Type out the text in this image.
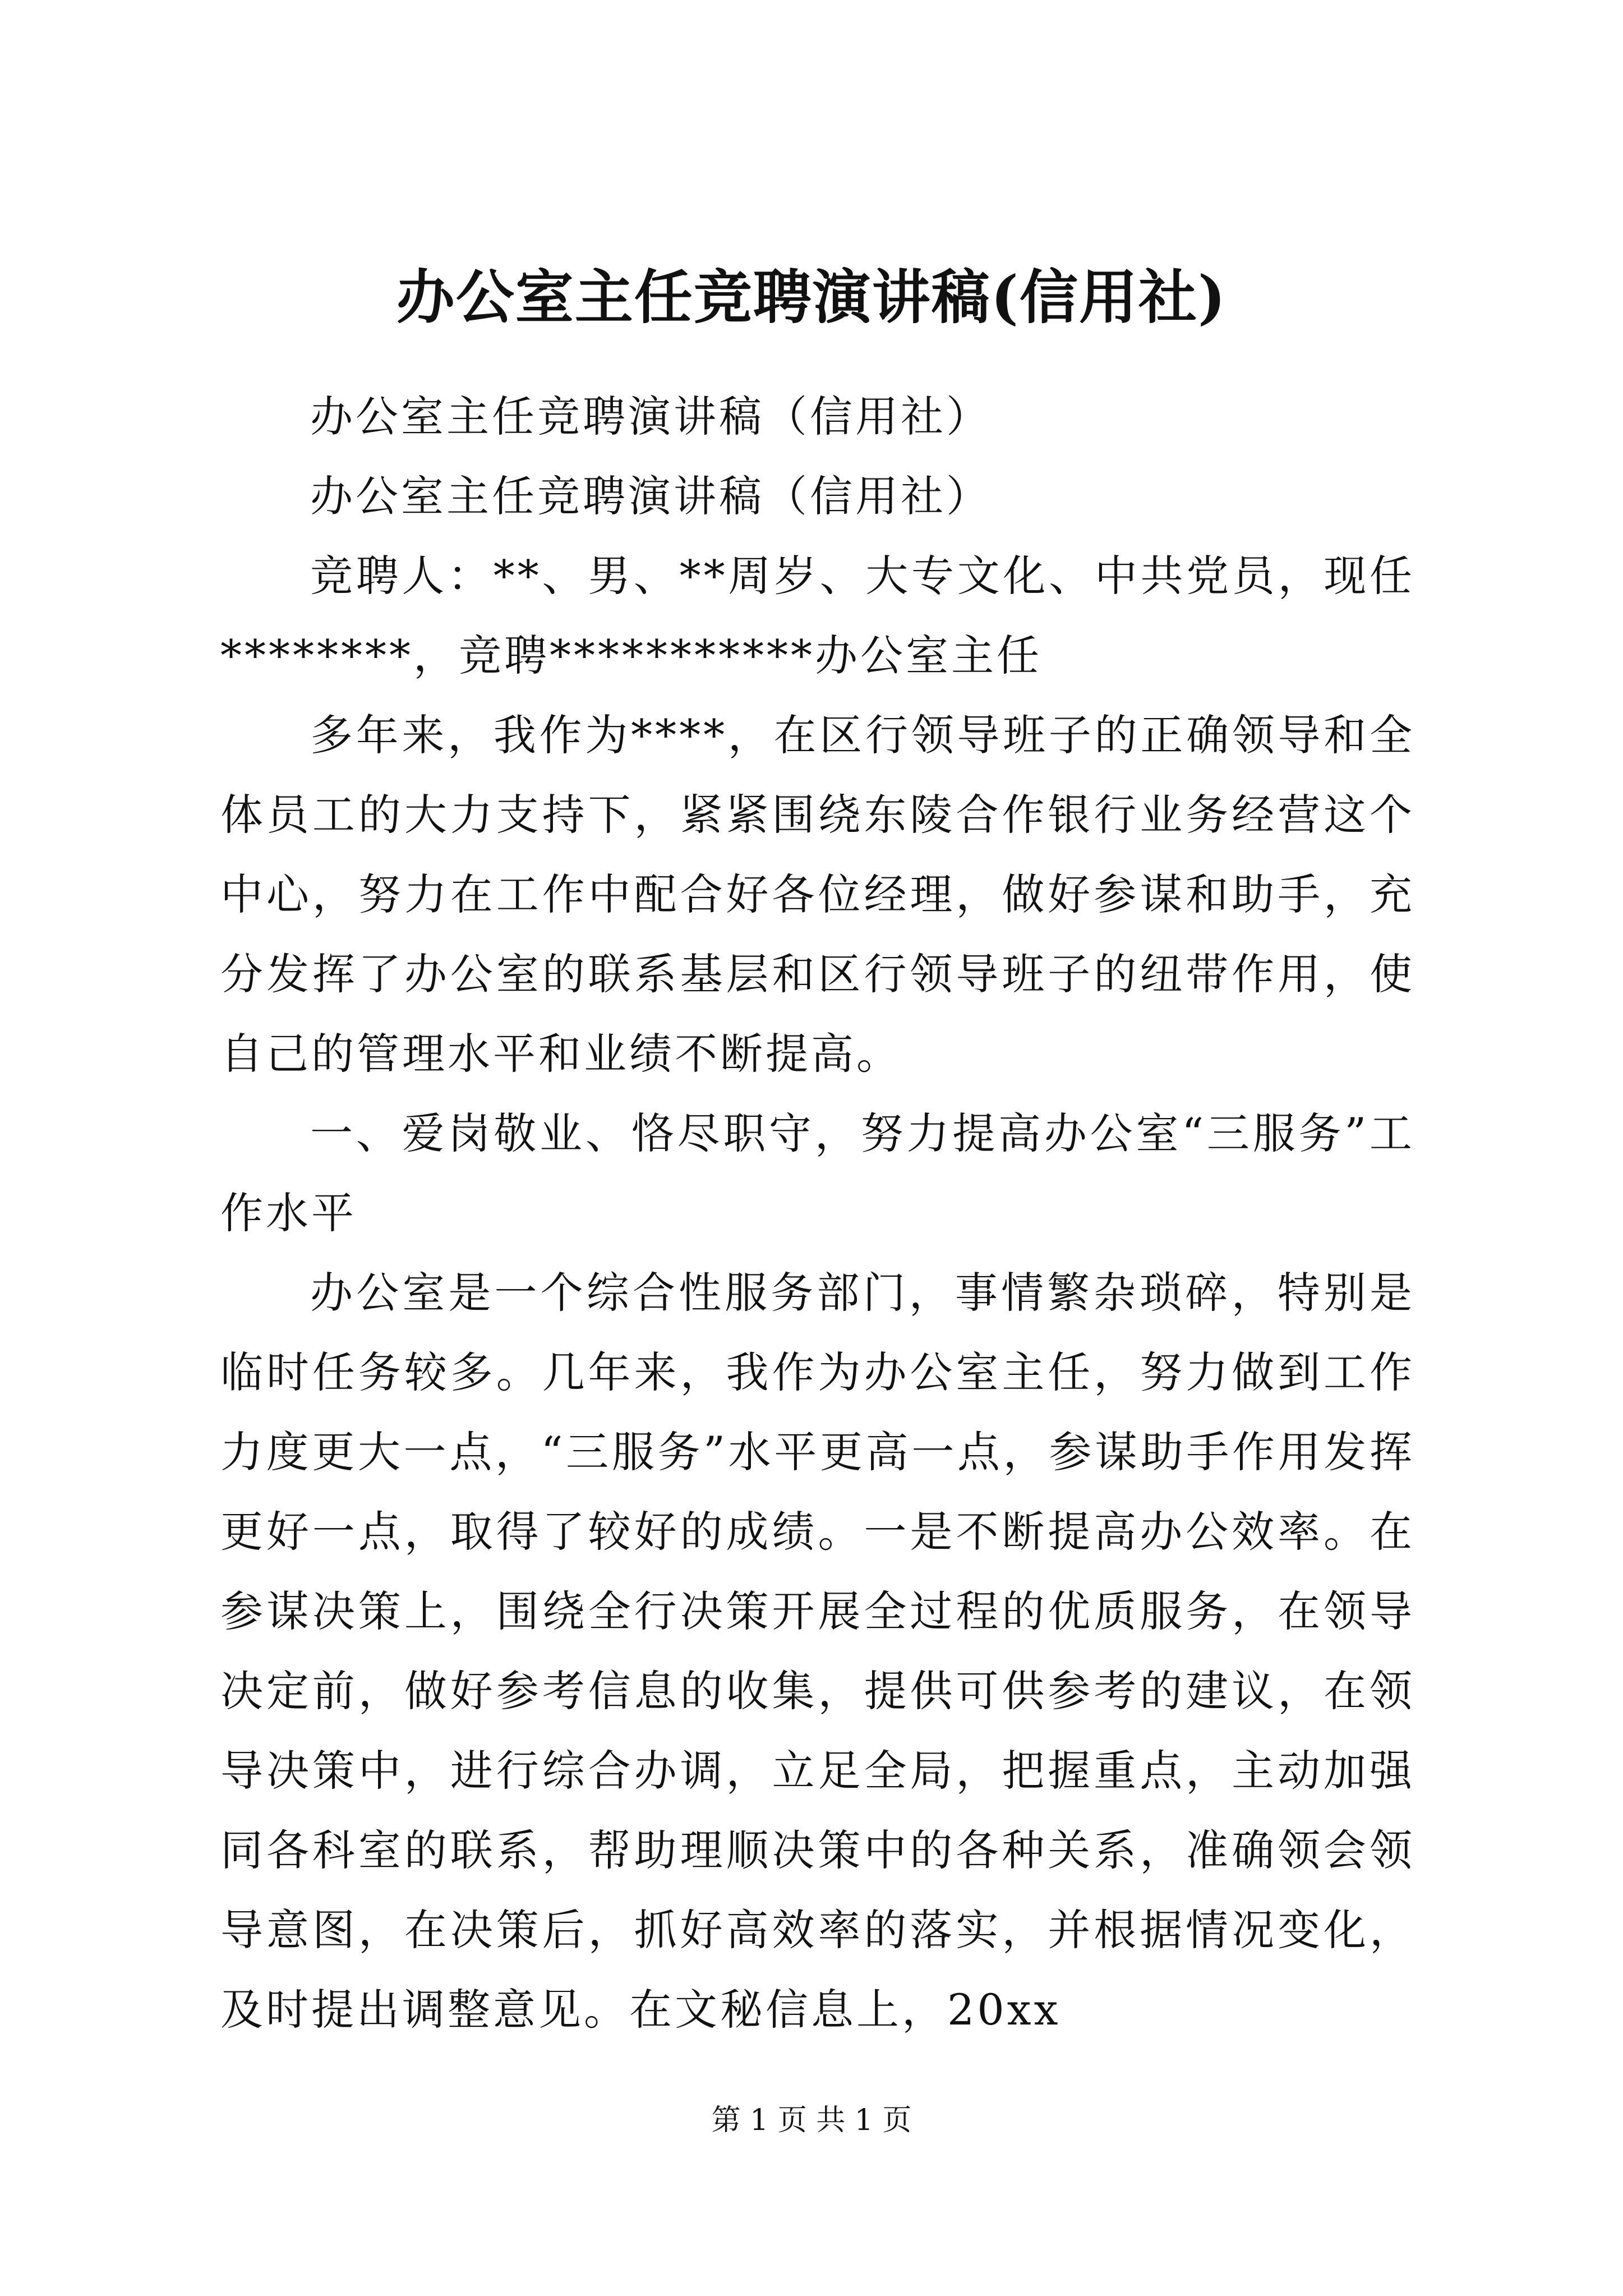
办公室主任竞聘演讲稿(信用社)

办公室主任竞聘演讲稿（信用社）

办公室主任竞聘演讲稿（信用社）

竞聘人：**、男、**周岁、大专文化、中共党员，现任********，竞聘***********办公室主任

多年来，我作为****，在区行领导班子的正确领导和全体员工的大力支持下，紧紧围绕东陵合作银行业务经营这个中心，努力在工作中配合好各位经理，做好参谋和助手，充分发挥了办公室的联系基层和区行领导班子的纽带作用，使自己的管理水平和业绩不断提高。

一、爱岗敬业、恪尽职守，努力提高办公室“三服务”工作水平

办公室是一个综合性服务部门，事情繁杂琐碎，特别是临时任务较多。几年来，我作为办公室主任，努力做到工作力度更大一点，“三服务”水平更高一点，参谋助手作用发挥更好一点，取得了较好的成绩。一是不断提高办公效率。在参谋决策上，围绕全行决策开展全过程的优质服务，在领导决定前，做好参考信息的收集，提供可供参考的建议，在领导决策中，进行综合办调，立足全局，把握重点，主动加强同各科室的联系，帮助理顺决策中的各种关系，准确领会领导意图，在决策后，抓好高效率的落实，并根据情况变化，及时提出调整意见。在文秘信息上，20xx

第 1 页 共 1 页
